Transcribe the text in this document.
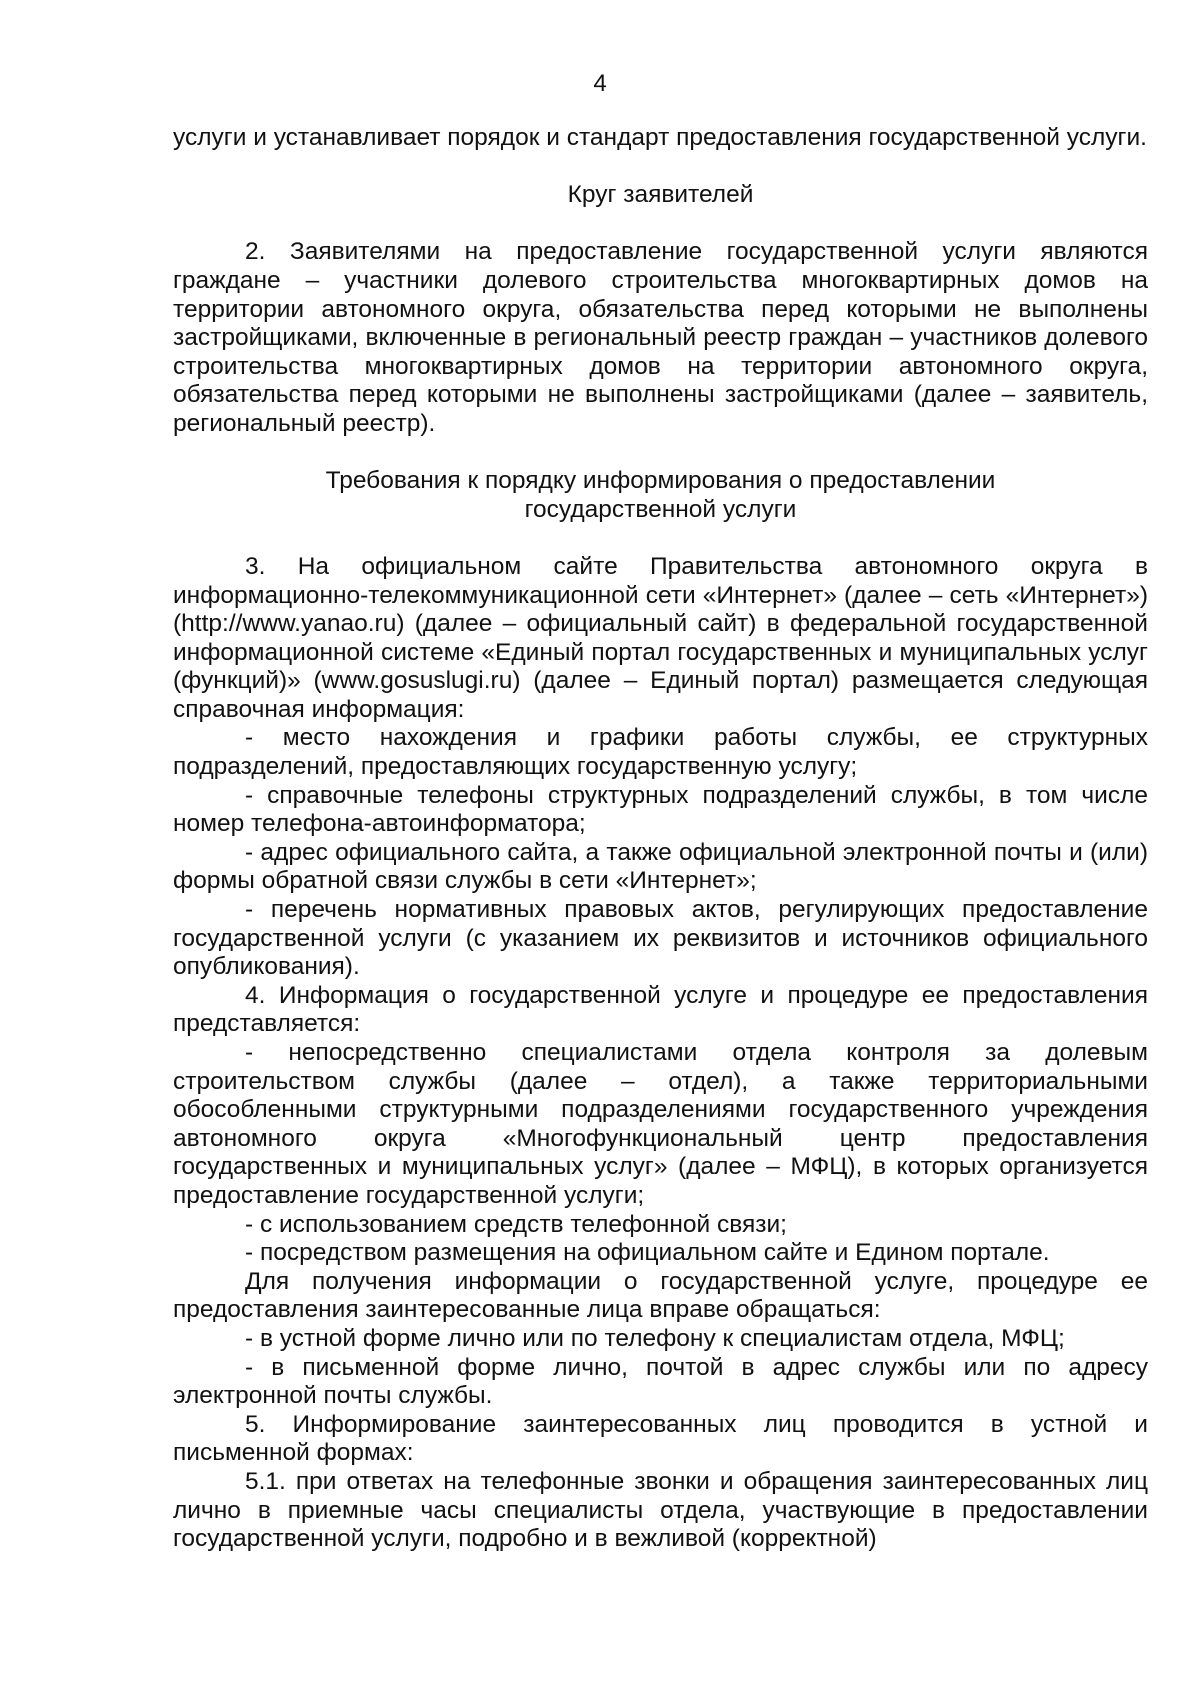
4

услуги и устанавливает порядок и стандарт предоставления государственной услуги.

Круг заявителей

2. Заявителями на предоставление государственной услуги являются граждане – участники долевого строительства многоквартирных домов на территории автономного округа, обязательства перед которыми не выполнены застройщиками, включенные в региональный реестр граждан – участников долевого строительства многоквартирных домов на территории автономного округа, обязательства перед которыми не выполнены застройщиками (далее – заявитель, региональный реестр).

Требования к порядку информирования о предоставлении

государственной услуги

3. На официальном сайте Правительства автономного округа в информационно-телекоммуникационной сети «Интернет» (далее – сеть «Интернет») (http://www.yanao.ru) (далее – официальный сайт) в федеральной государственной информационной системе «Единый портал государственных и муниципальных услуг (функций)» (www.gosuslugi.ru) (далее – Единый портал) размещается следующая справочная информация:

- место нахождения и графики работы службы, ее структурных подразделений, предоставляющих государственную услугу;

- справочные телефоны структурных подразделений службы, в том числе номер телефона-автоинформатора;

- адрес официального сайта, а также официальной электронной почты и (или) формы обратной связи службы в сети «Интернет»;

- перечень нормативных правовых актов, регулирующих предоставление государственной услуги (с указанием их реквизитов и источников официального опубликования).

4. Информация о государственной услуге и процедуре ее предоставления представляется:

- непосредственно специалистами отдела контроля за долевым строительством службы (далее – отдел), а также территориальными обособленными структурными подразделениями государственного учреждения автономного округа «Многофункциональный центр предоставления государственных и муниципальных услуг» (далее – МФЦ), в которых организуется предоставление государственной услуги;

- с использованием средств телефонной связи;

- посредством размещения на официальном сайте и Едином портале.

Для получения информации о государственной услуге, процедуре ее предоставления заинтересованные лица вправе обращаться:

- в устной форме лично или по телефону к специалистам отдела, МФЦ;

- в письменной форме лично, почтой в адрес службы или по адресу электронной почты службы.

5. Информирование заинтересованных лиц проводится в устной и письменной формах:

5.1. при ответах на телефонные звонки и обращения заинтересованных лиц лично в приемные часы специалисты отдела, участвующие в предоставлении государственной услуги, подробно и в вежливой (корректной)
